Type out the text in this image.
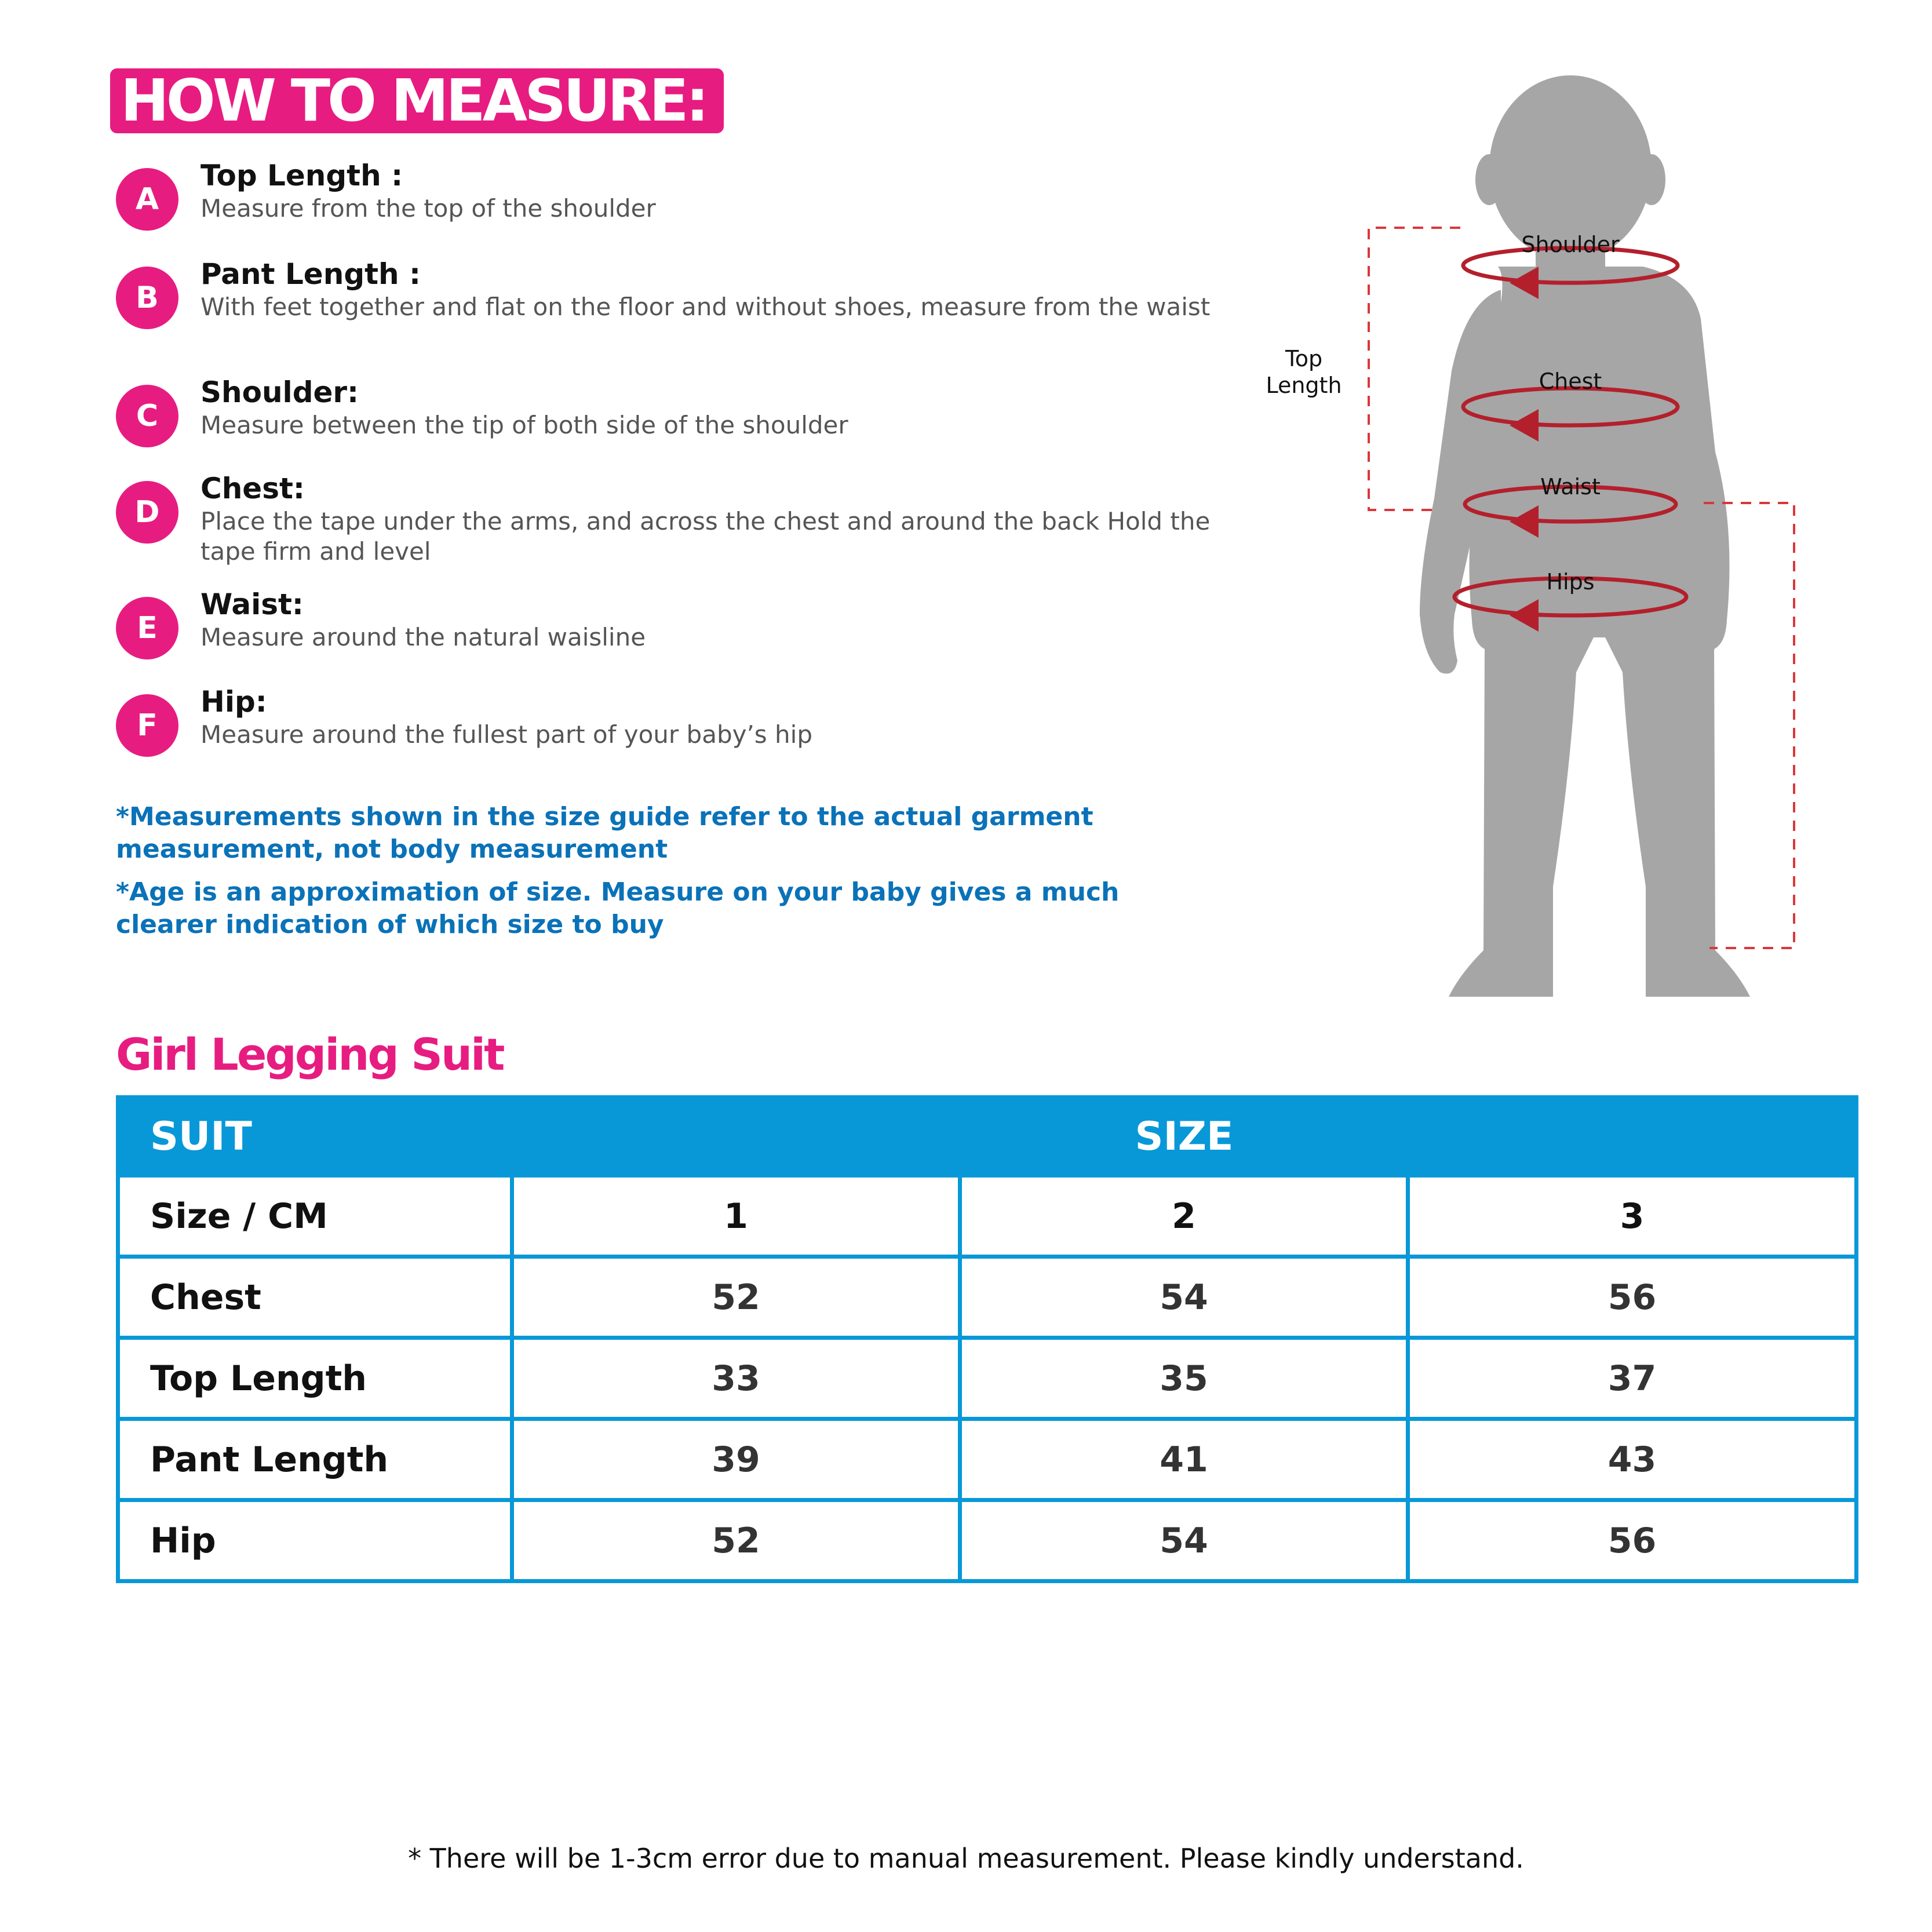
HOW TO MEASURE:
A
Top Length :
Measure from the top of the shoulder
B
Pant Length :
With feet together and flat on the floor and without shoes, measure from the waist
C
Shoulder:
Measure between the tip of both side of the shoulder
D
Chest:
Place the tape under the arms, and across the chest and around the back Hold the tape firm and level
E
Waist:
Measure around the natural waisline
F
Hip:
Measure around the fullest part of your baby’s hip
*Measurements shown in the size guide refer to the actual garment measurement, not body measurement
*Age is an approximation of size. Measure on your baby gives a much clearer indication of which size to buy
Shoulder
Chest
Waist
Hips
Top
Length
Girl Legging Suit
SUIT	SIZE		
Size / CM	1	2	3
Chest	52	54	56
Top Length	33	35	37
Pant Length	39	41	43
Hip	52	54	56
* There will be 1-3cm error due to manual measurement. Please kindly understand.
